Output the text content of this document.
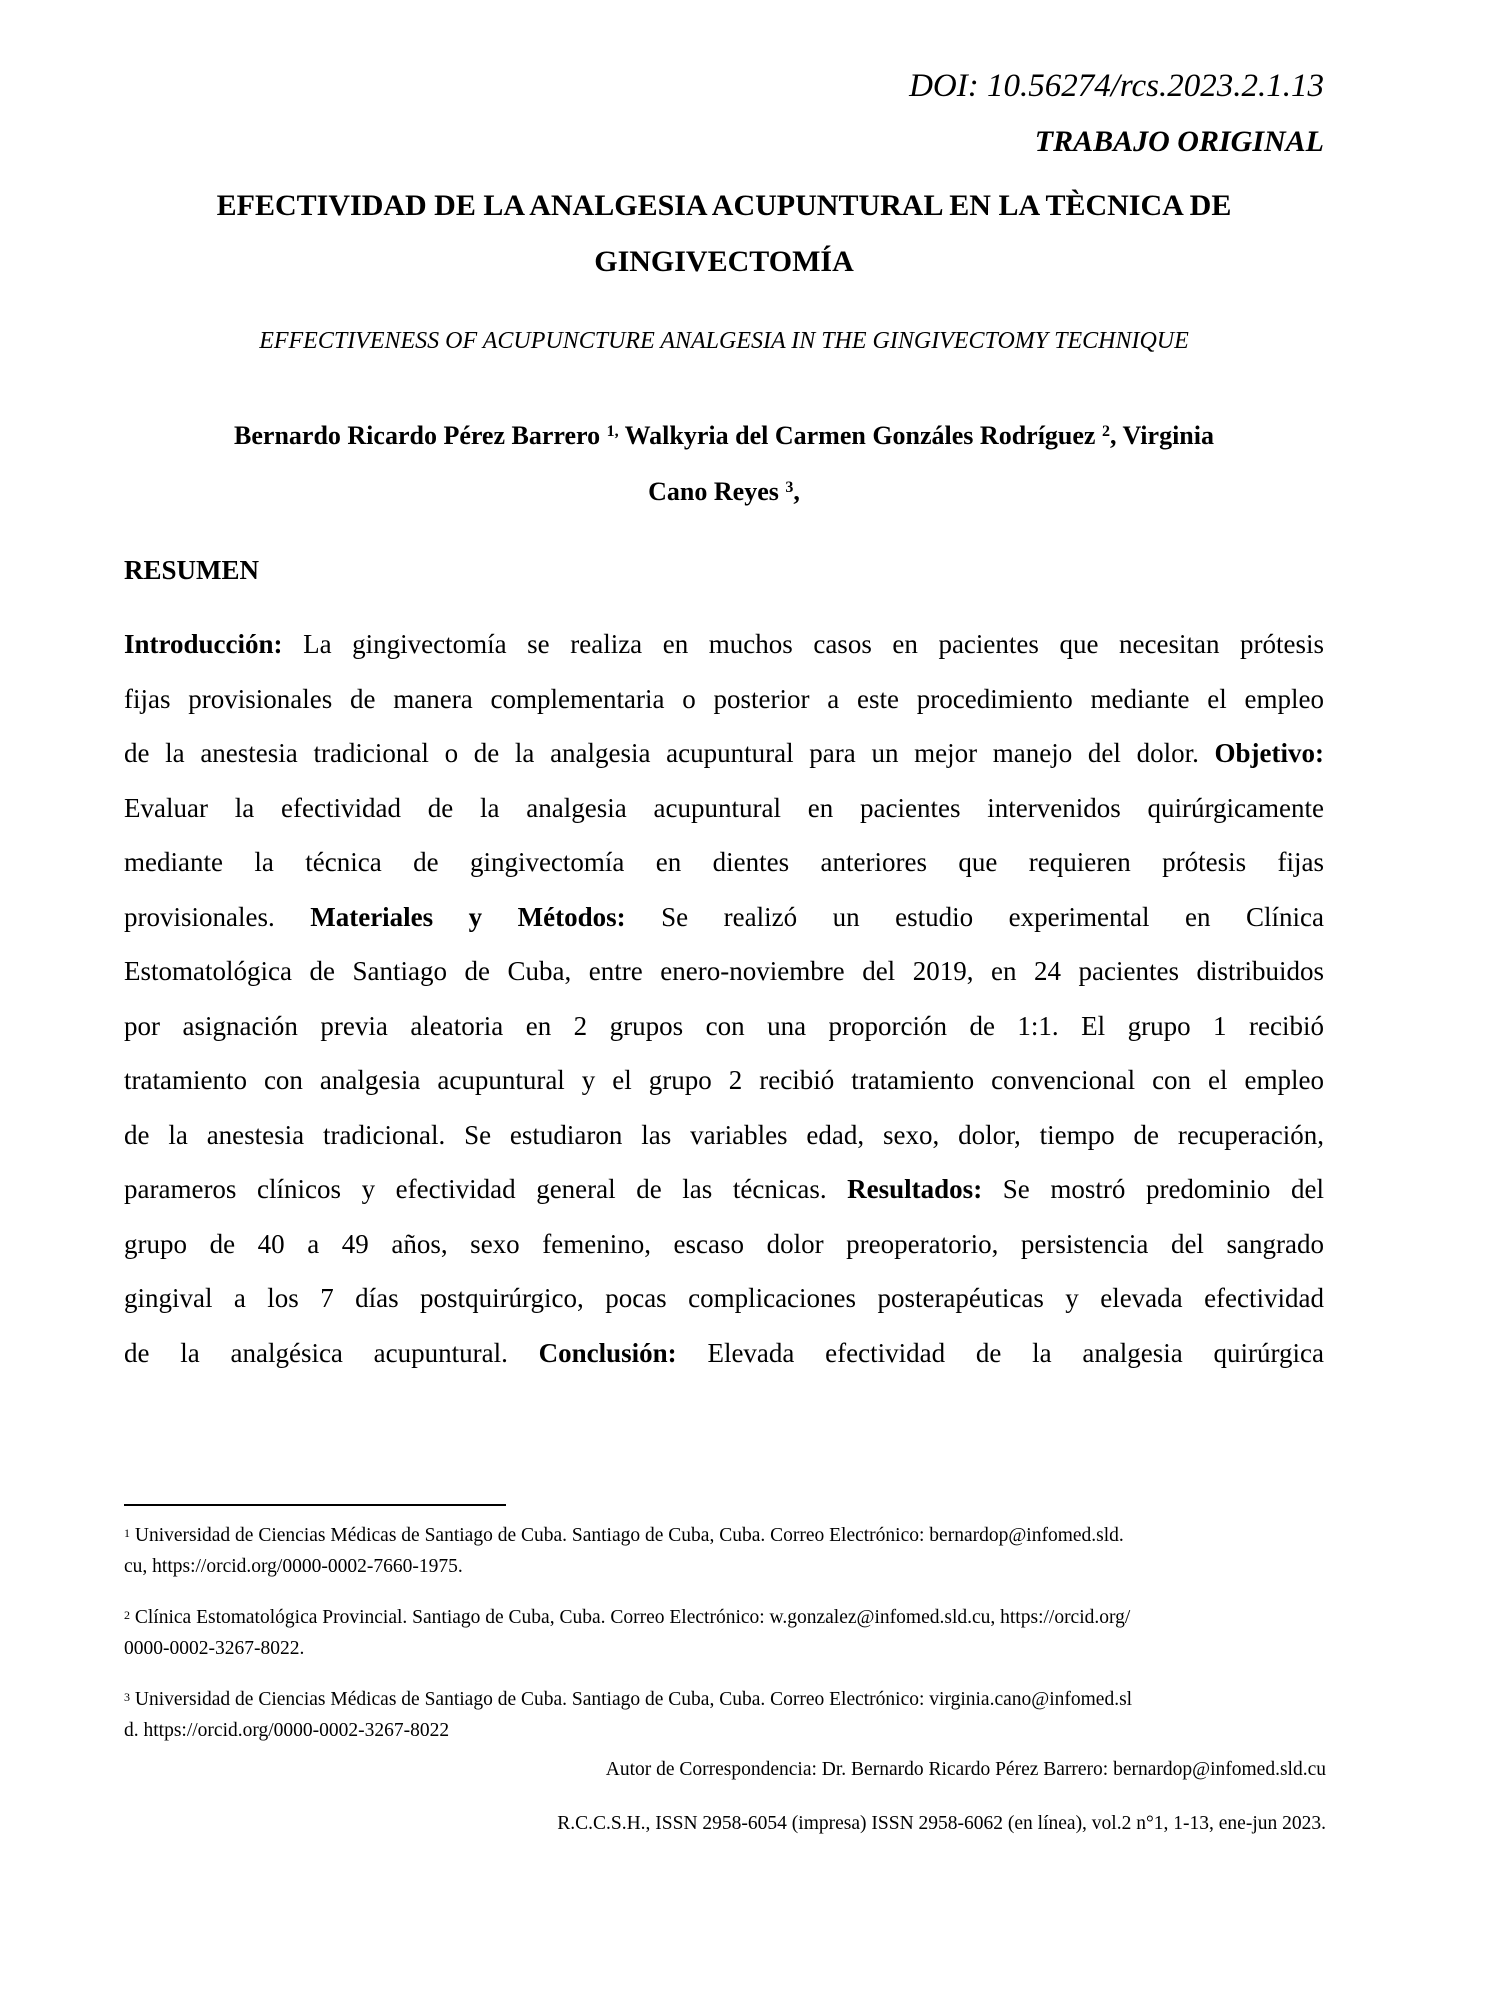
DOI: 10.56274/rcs.2023.2.1.13
TRABAJO ORIGINAL
EFECTIVIDAD DE LA ANALGESIA ACUPUNTURAL EN LA TÈCNICA DE
GINGIVECTOMÍA
EFFECTIVENESS OF ACUPUNCTURE ANALGESIA IN THE GINGIVECTOMY TECHNIQUE
Bernardo Ricardo Pérez Barrero $^{1,}$ Walkyria del Carmen Gonzáles Rodríguez $^2$, Virginia
Cano Reyes $^3$,
RESUMEN
Introducción: La gingivectomía se realiza en muchos casos en pacientes que necesitan prótesis
fijas provisionales de manera complementaria o posterior a este procedimiento mediante el empleo
de la anestesia tradicional o de la analgesia acupuntural para un mejor manejo del dolor. Objetivo:
Evaluar la efectividad de la analgesia acupuntural en pacientes intervenidos quirúrgicamente
mediante la técnica de gingivectomía en dientes anteriores que requieren prótesis fijas
provisionales. Materiales y Métodos: Se realizó un estudio experimental en Clínica
Estomatológica de Santiago de Cuba, entre enero-noviembre del 2019, en 24 pacientes distribuidos
por asignación previa aleatoria en 2 grupos con una proporción de 1:1. El grupo 1 recibió
tratamiento con analgesia acupuntural y el grupo 2 recibió tratamiento convencional con el empleo
de la anestesia tradicional. Se estudiaron las variables edad, sexo, dolor, tiempo de recuperación,
parameros clínicos y efectividad general de las técnicas. Resultados: Se mostró predominio del
grupo de 40 a 49 años, sexo femenino, escaso dolor preoperatorio, persistencia del sangrado
gingival a los 7 días postquirúrgico, pocas complicaciones posterapéuticas y elevada efectividad
de la analgésica acupuntural. Conclusión: Elevada efectividad de la analgesia quirúrgica
$^1$ Universidad de Ciencias Médicas de Santiago de Cuba. Santiago de Cuba, Cuba. Correo Electrónico: bernardop@infomed.sld.
cu, https://orcid.org/0000-0002-7660-1975.
$^2$ Clínica Estomatológica Provincial. Santiago de Cuba, Cuba. Correo Electrónico: w.gonzalez@infomed.sld.cu, https://orcid.org/
0000-0002-3267-8022.
$^3$ Universidad de Ciencias Médicas de Santiago de Cuba. Santiago de Cuba, Cuba. Correo Electrónico: virginia.cano@infomed.sl
d. https://orcid.org/0000-0002-3267-8022
Autor de Correspondencia: Dr. Bernardo Ricardo Pérez Barrero: bernardop@infomed.sld.cu
R.C.C.S.H., ISSN 2958-6054 (impresa) ISSN 2958-6062 (en línea), vol.2 n°1, 1-13, ene-jun 2023.
